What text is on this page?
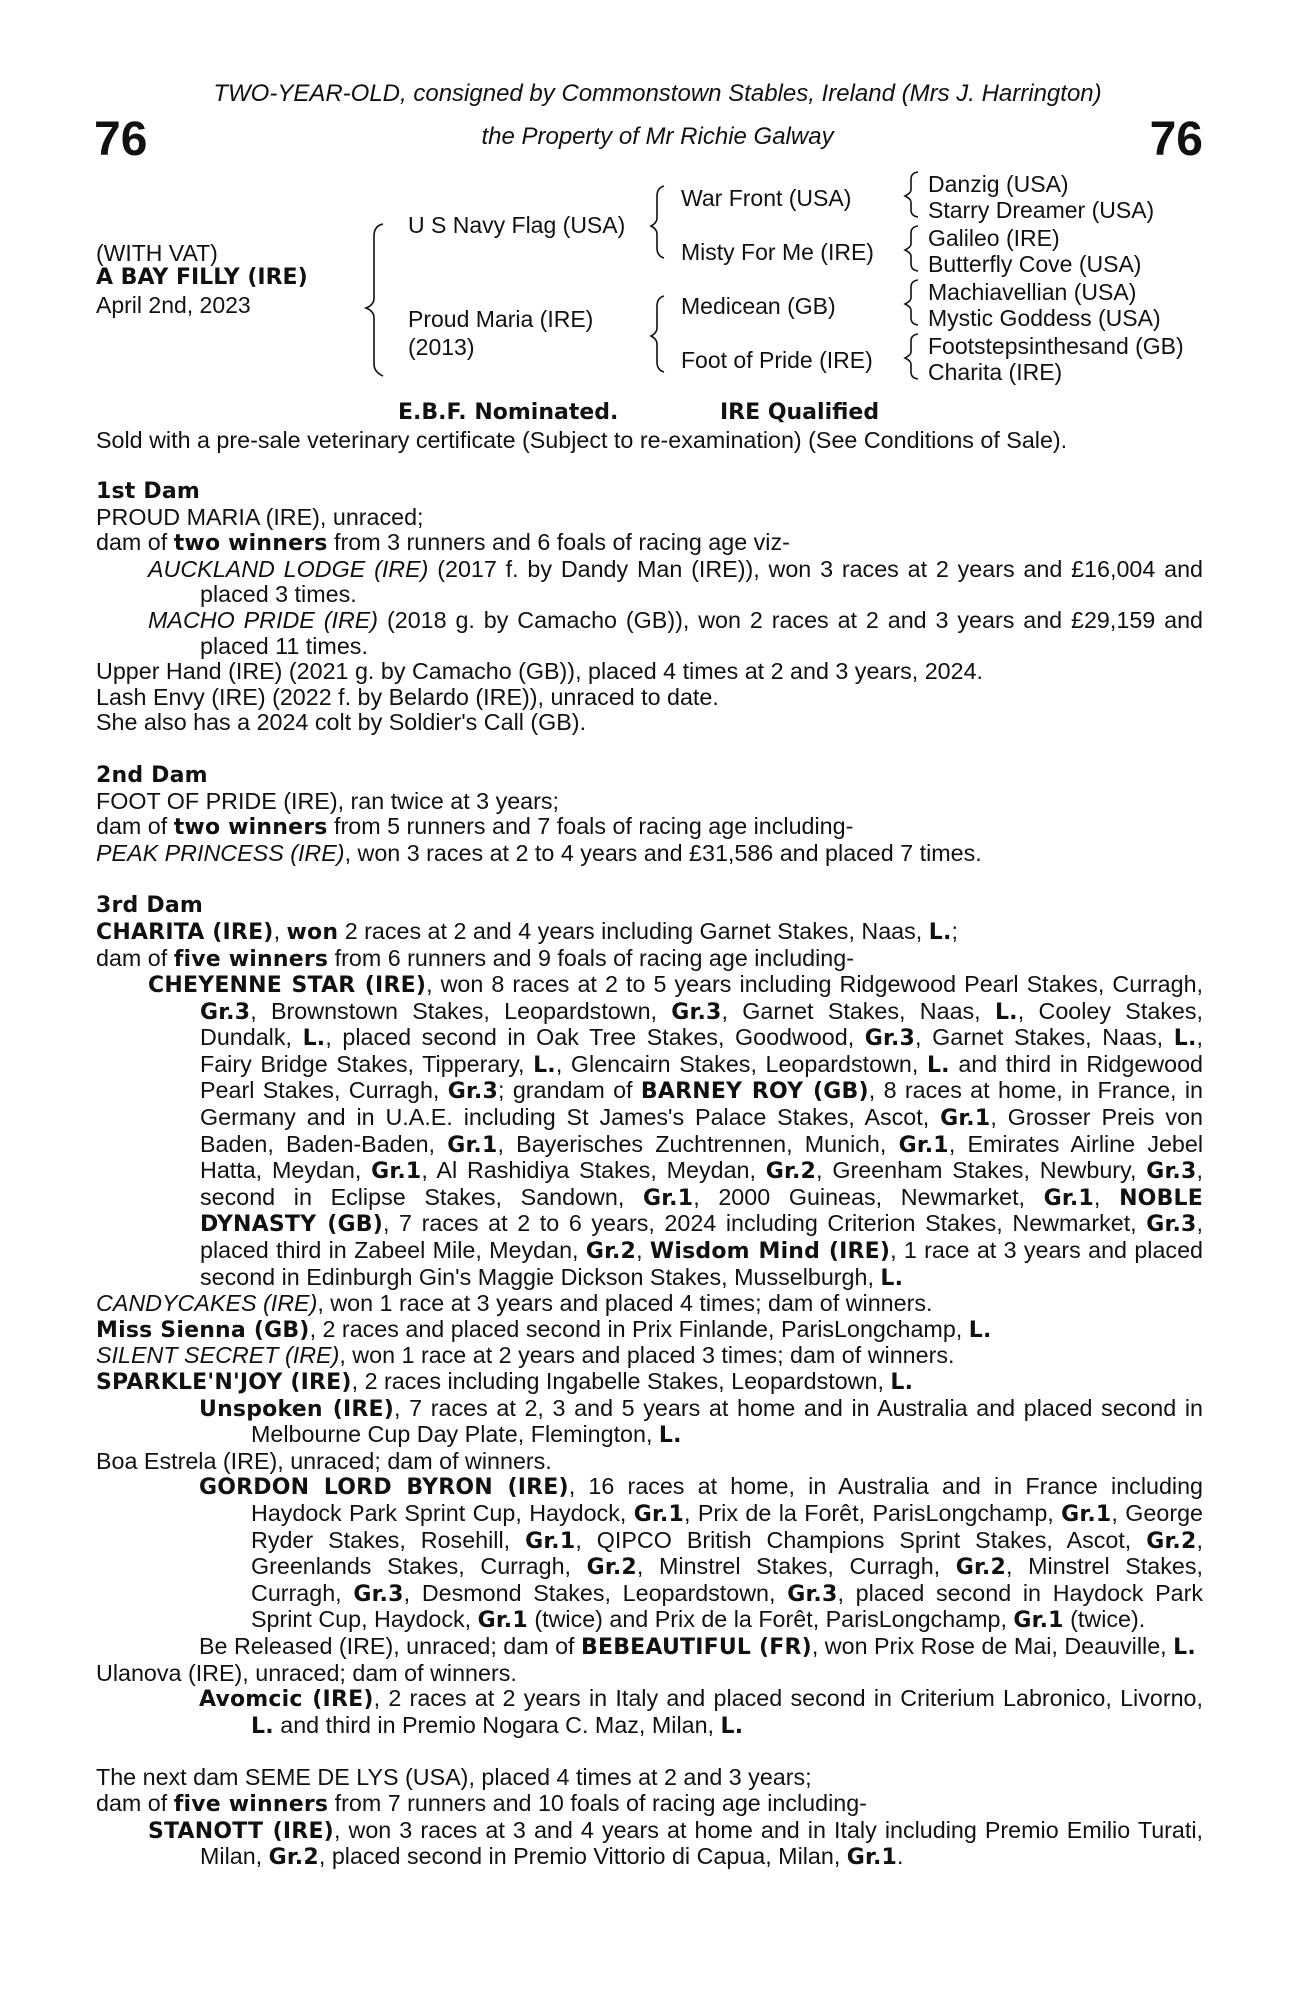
TWO-YEAR-OLD, consigned by Commonstown Stables, Ireland (Mrs J. Harrington)
76	the Property of Mr Richie Galway	76
(WITH VAT)
A BAY FILLY (IRE)
April 2nd, 2023
U S Navy Flag (USA)
Proud Maria (IRE)
(2013)
War Front (USA)
Misty For Me (IRE)
Medicean (GB)
Foot of Pride (IRE)
Danzig (USA)
Starry Dreamer (USA)
Galileo (IRE)
Butterfly Cove (USA)
Machiavellian (USA)
Mystic Goddess (USA)
Footstepsinthesand (GB)
Charita (IRE)
E.B.F. Nominated.	IRE Qualified
Sold with a pre-sale veterinary certificate (Subject to re-examination) (See Conditions of Sale).

1st Dam

PROUD MARIA (IRE), unraced;

dam of two winners from 3 runners and 6 foals of racing age viz-

AUCKLAND LODGE (IRE) (2017 f. by Dandy Man (IRE)), won 3 races at 2 years and £16,004 and placed 3 times.

MACHO PRIDE (IRE) (2018 g. by Camacho (GB)), won 2 races at 2 and 3 years and £29,159 and placed 11 times.

Upper Hand (IRE) (2021 g. by Camacho (GB)), placed 4 times at 2 and 3 years, 2024.

Lash Envy (IRE) (2022 f. by Belardo (IRE)), unraced to date.

She also has a 2024 colt by Soldier's Call (GB).

2nd Dam

FOOT OF PRIDE (IRE), ran twice at 3 years;

dam of two winners from 5 runners and 7 foals of racing age including-

PEAK PRINCESS (IRE), won 3 races at 2 to 4 years and £31,586 and placed 7 times.

3rd Dam

CHARITA (IRE), won 2 races at 2 and 4 years including Garnet Stakes, Naas, L.;

dam of five winners from 6 runners and 9 foals of racing age including-

CHEYENNE STAR (IRE), won 8 races at 2 to 5 years including Ridgewood Pearl Stakes, Curragh, Gr.3, Brownstown Stakes, Leopardstown, Gr.3, Garnet Stakes, Naas, L., Cooley Stakes, Dundalk, L., placed second in Oak Tree Stakes, Goodwood, Gr.3, Garnet Stakes, Naas, L., Fairy Bridge Stakes, Tipperary, L., Glencairn Stakes, Leopardstown, L. and third in Ridgewood Pearl Stakes, Curragh, Gr.3; grandam of BARNEY ROY (GB), 8 races at home, in France, in Germany and in U.A.E. including St James's Palace Stakes, Ascot, Gr.1, Grosser Preis von Baden, Baden-Baden, Gr.1, Bayerisches Zuchtrennen, Munich, Gr.1, Emirates Airline Jebel Hatta, Meydan, Gr.1, Al Rashidiya Stakes, Meydan, Gr.2, Greenham Stakes, Newbury, Gr.3, second in Eclipse Stakes, Sandown, Gr.1, 2000 Guineas, Newmarket, Gr.1, NOBLE DYNASTY (GB), 7 races at 2 to 6 years, 2024 including Criterion Stakes, Newmarket, Gr.3, placed third in Zabeel Mile, Meydan, Gr.2, Wisdom Mind (IRE), 1 race at 3 years and placed second in Edinburgh Gin's Maggie Dickson Stakes, Musselburgh, L.

CANDYCAKES (IRE), won 1 race at 3 years and placed 4 times; dam of winners.

Miss Sienna (GB), 2 races and placed second in Prix Finlande, ParisLongchamp, L.

SILENT SECRET (IRE), won 1 race at 2 years and placed 3 times; dam of winners.

SPARKLE'N'JOY (IRE), 2 races including Ingabelle Stakes, Leopardstown, L.

Unspoken (IRE), 7 races at 2, 3 and 5 years at home and in Australia and placed second in Melbourne Cup Day Plate, Flemington, L.

Boa Estrela (IRE), unraced; dam of winners.

GORDON LORD BYRON (IRE), 16 races at home, in Australia and in France including Haydock Park Sprint Cup, Haydock, Gr.1, Prix de la Forêt, ParisLongchamp, Gr.1, George Ryder Stakes, Rosehill, Gr.1, QIPCO British Champions Sprint Stakes, Ascot, Gr.2, Greenlands Stakes, Curragh, Gr.2, Minstrel Stakes, Curragh, Gr.2, Minstrel Stakes, Curragh, Gr.3, Desmond Stakes, Leopardstown, Gr.3, placed second in Haydock Park Sprint Cup, Haydock, Gr.1 (twice) and Prix de la Forêt, ParisLongchamp, Gr.1 (twice).

Be Released (IRE), unraced; dam of BEBEAUTIFUL (FR), won Prix Rose de Mai, Deauville, L.

Ulanova (IRE), unraced; dam of winners.

Avomcic (IRE), 2 races at 2 years in Italy and placed second in Criterium Labronico, Livorno, L. and third in Premio Nogara C. Maz, Milan, L.

The next dam SEME DE LYS (USA), placed 4 times at 2 and 3 years;

dam of five winners from 7 runners and 10 foals of racing age including-

STANOTT (IRE), won 3 races at 3 and 4 years at home and in Italy including Premio Emilio Turati, Milan, Gr.2, placed second in Premio Vittorio di Capua, Milan, Gr.1.
